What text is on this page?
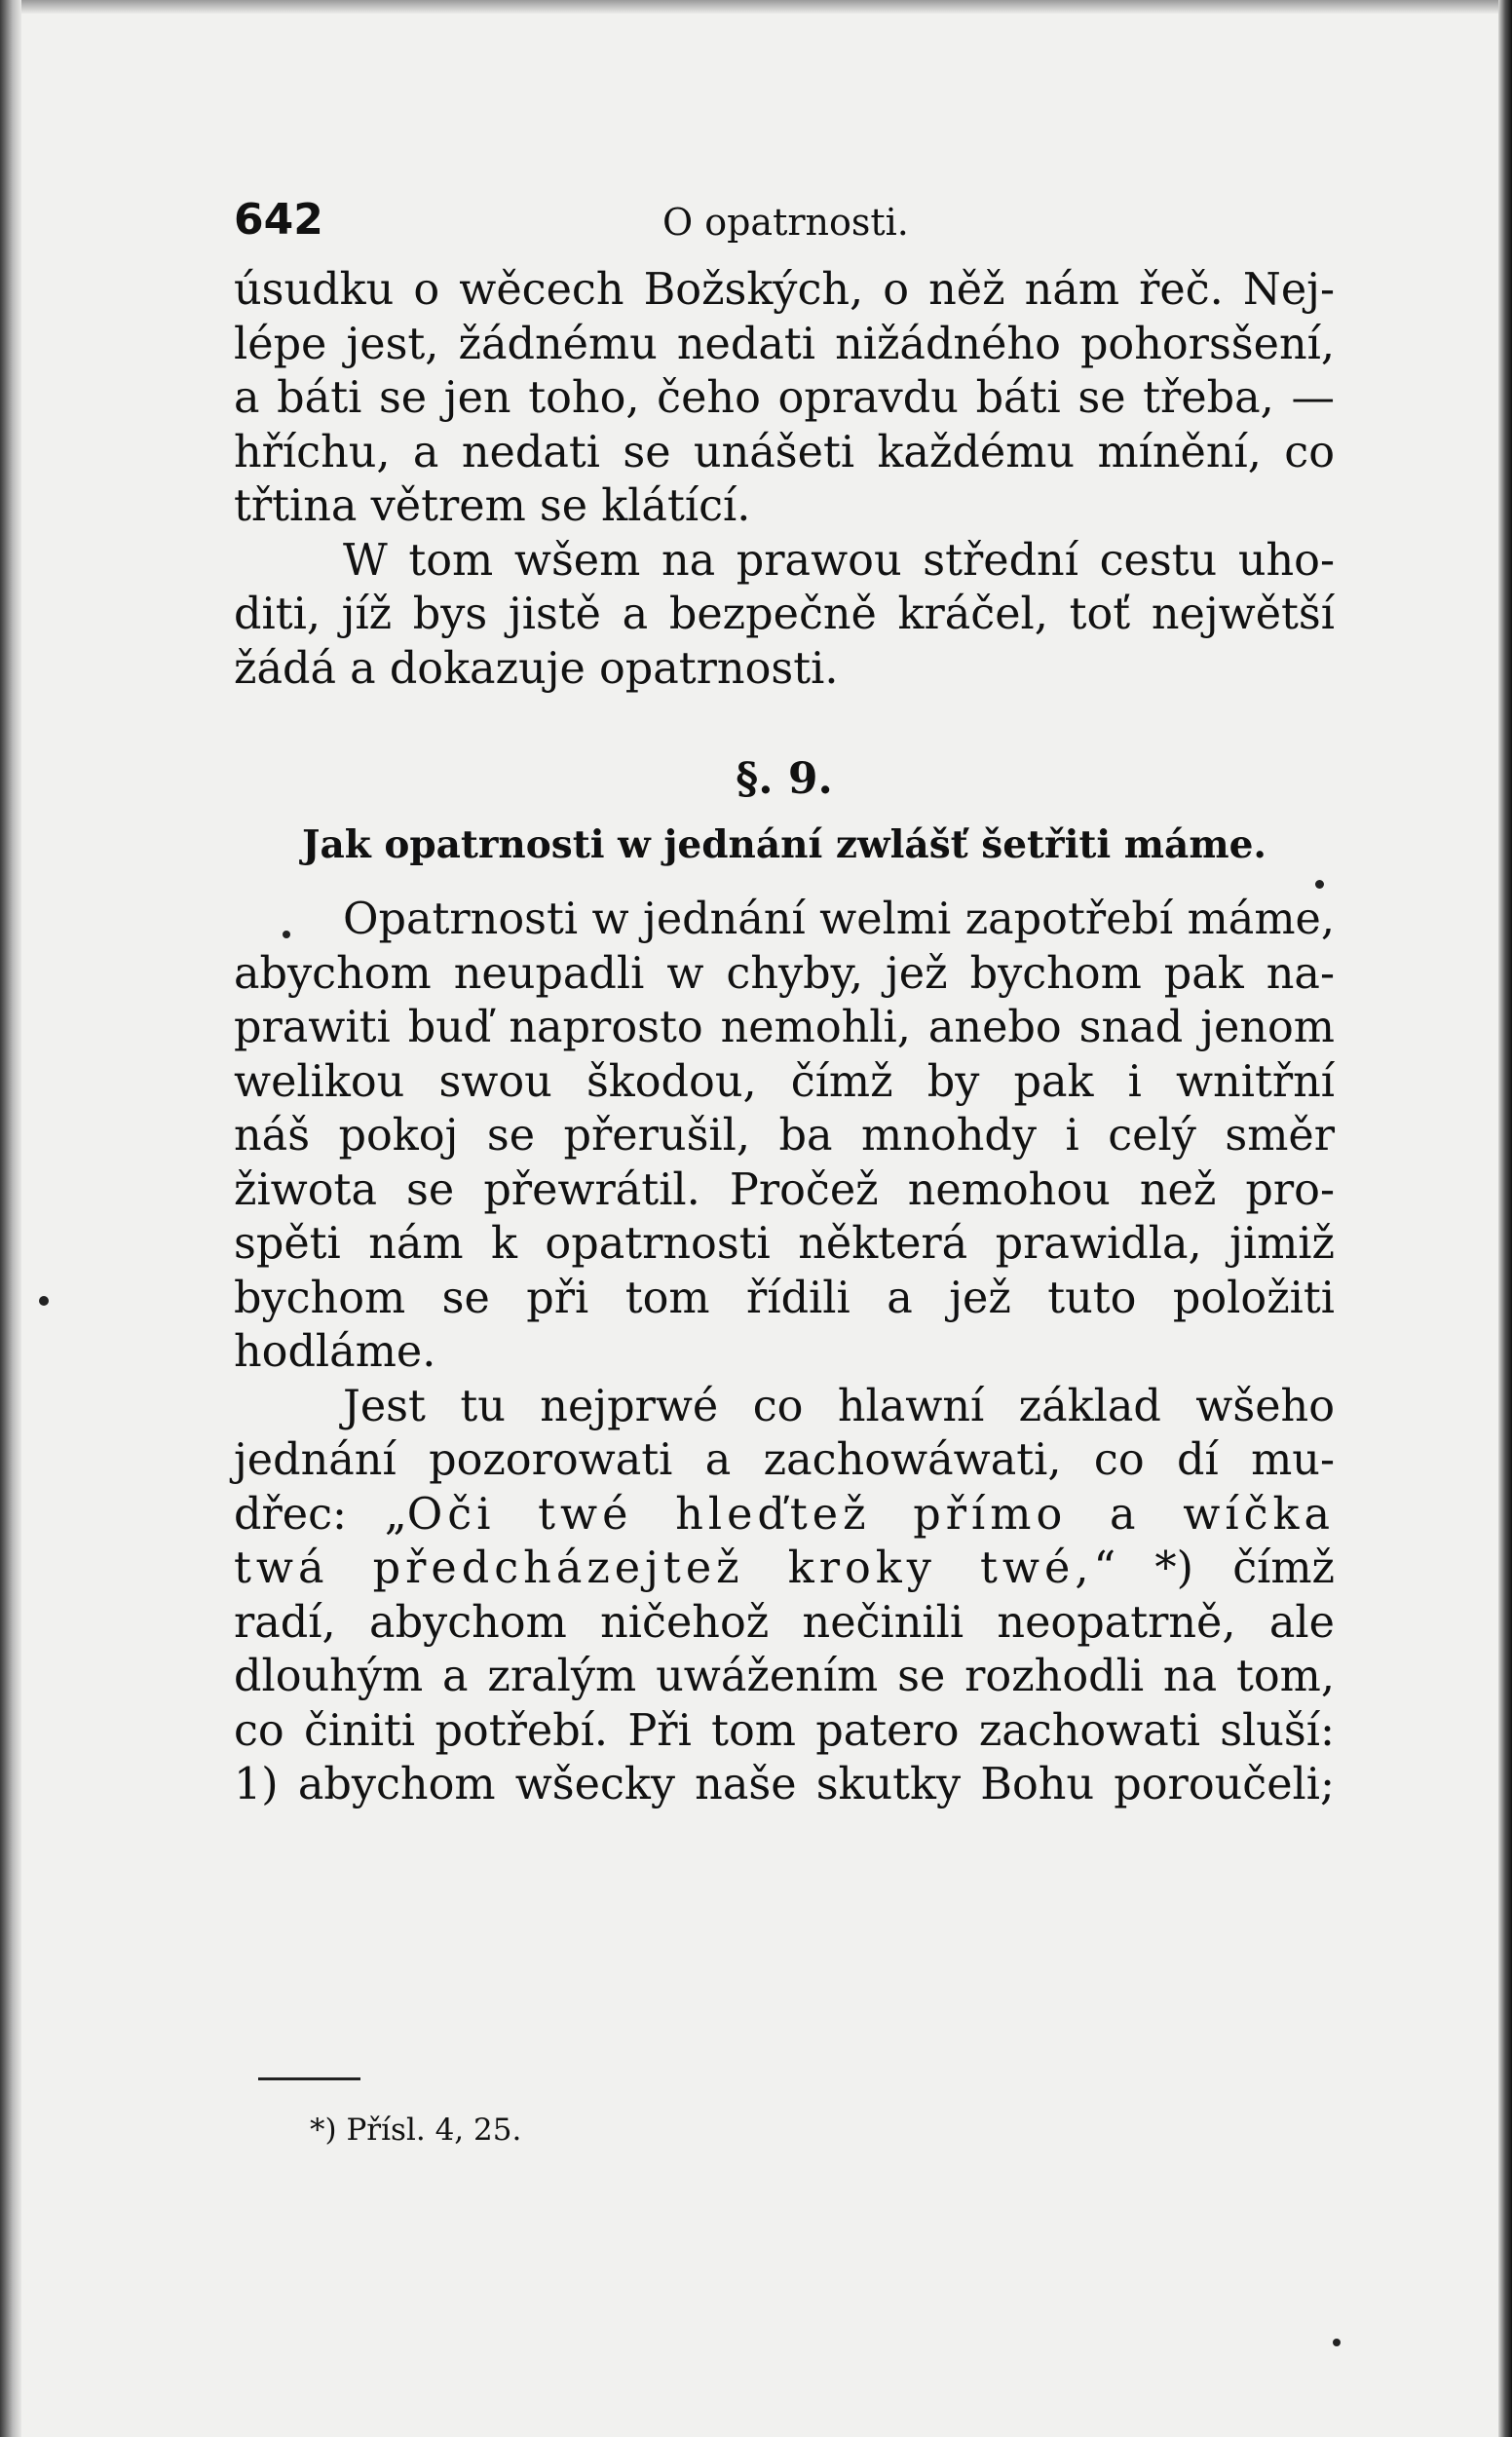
642	O opatrnosti.
úsudku o wěcech Božských, o něž nám řeč. Nej-
lépe jest, žádnému nedati nižádného pohorsšení,
a báti se jen toho, čeho opravdu báti se třeba, —
hříchu, a nedati se unášeti každému mínění, co
třtina větrem se klátící.
W tom wšem na prawou střední cestu uho-
diti, jíž bys jistě a bezpečně kráčel, toť nejwětší
žádá a dokazuje opatrnosti.
§. 9.
Jak opatrnosti w jednání zwlášť šetřiti máme.
Opatrnosti w jednání welmi zapotřebí máme,
abychom neupadli w chyby, jež bychom pak na-
prawiti buď naprosto nemohli, anebo snad jenom
welikou swou škodou, čímž by pak i wnitřní
náš pokoj se přerušil, ba mnohdy i celý směr
žiwota se přewrátil. Pročež nemohou než pro-
spěti nám k opatrnosti některá prawidla, jimiž
bychom se při tom řídili a jež tuto položiti
hodláme.
Jest tu nejprwé co hlawní základ wšeho
jednání pozorowati a zachowáwati, co dí mu-
dřec: „Oči twé hleďtež přímo a wíčka
twá předcházejtež kroky twé,“ *) čímž
radí, abychom ničehož nečinili neopatrně, ale
dlouhým a zralým uwážením se rozhodli na tom,
co činiti potřebí. Při tom patero zachowati sluší:
1) abychom wšecky naše skutky Bohu poroučeli;
*) Přísl. 4, 25.
